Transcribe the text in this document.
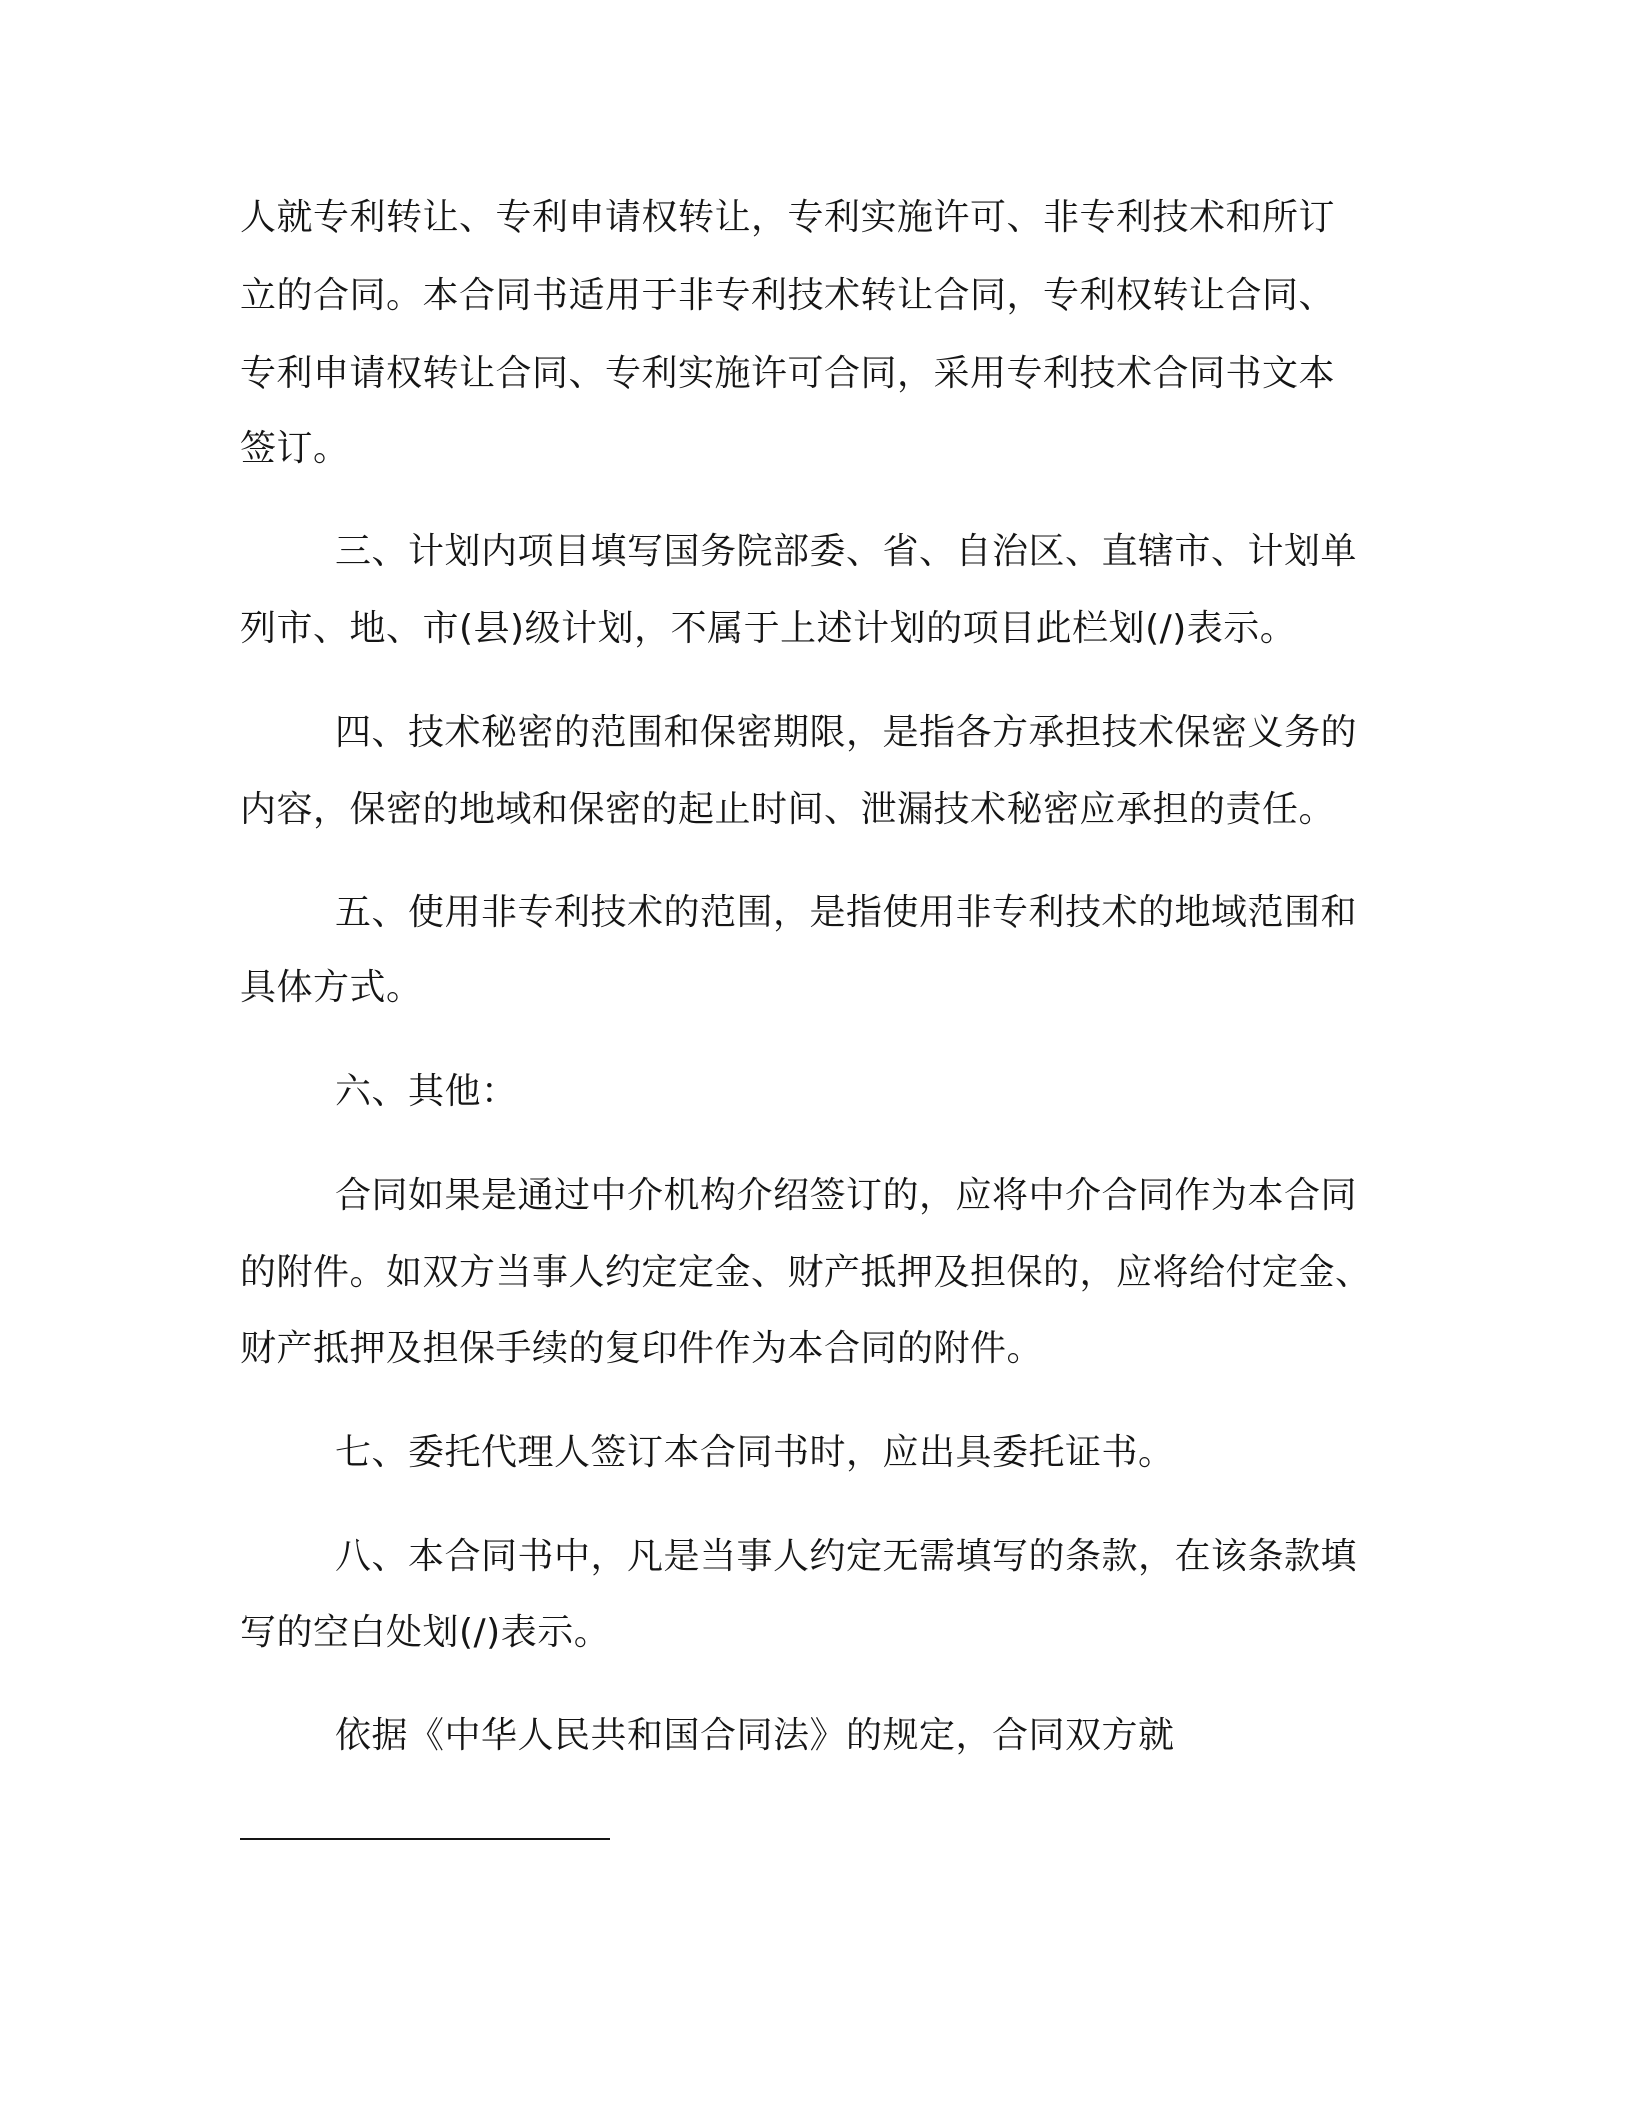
人就专利转让、专利申请权转让，专利实施许可、非专利技术和所订
立的合同。本合同书适用于非专利技术转让合同，专利权转让合同、
专利申请权转让合同、专利实施许可合同，采用专利技术合同书文本
签订。
三、计划内项目填写国务院部委、省、自治区、直辖市、计划单
列市、地、市(县)级计划，不属于上述计划的项目此栏划(/)表示。
四、技术秘密的范围和保密期限，是指各方承担技术保密义务的
内容，保密的地域和保密的起止时间、泄漏技术秘密应承担的责任。
五、使用非专利技术的范围，是指使用非专利技术的地域范围和
具体方式。
六、其他：
合同如果是通过中介机构介绍签订的，应将中介合同作为本合同
的附件。如双方当事人约定定金、财产抵押及担保的，应将给付定金、
财产抵押及担保手续的复印件作为本合同的附件。
七、委托代理人签订本合同书时，应出具委托证书。
八、本合同书中，凡是当事人约定无需填写的条款，在该条款填
写的空白处划(/)表示。
依据《中华人民共和国合同法》的规定，合同双方就
